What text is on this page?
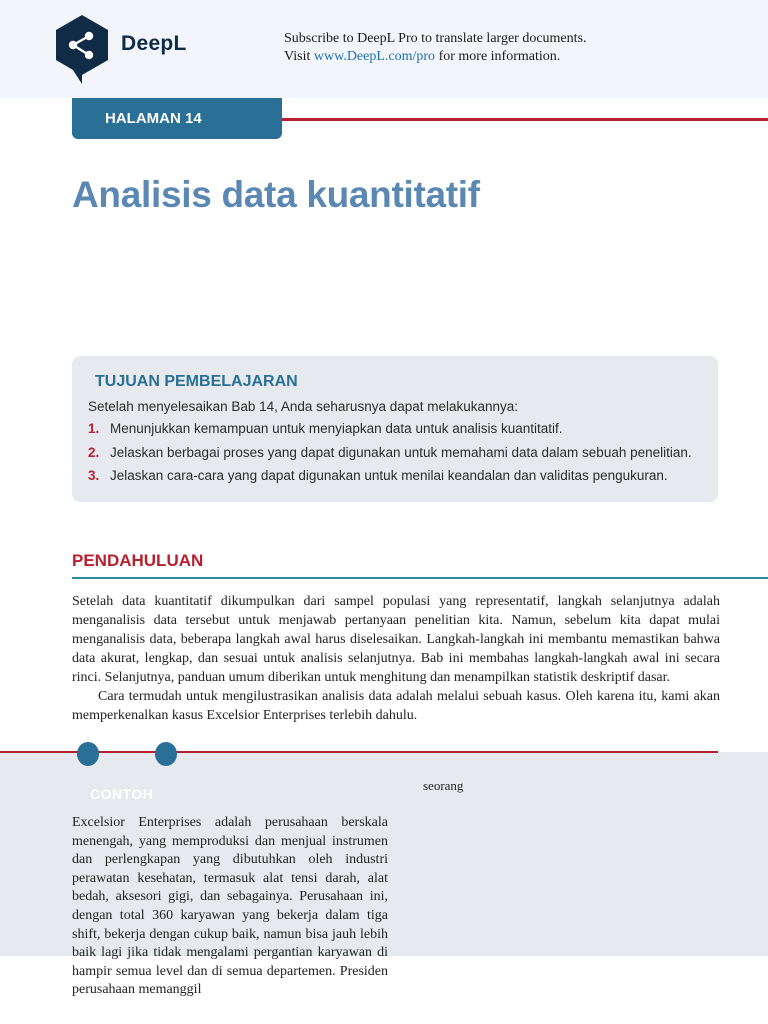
DeepL	Subscribe to DeepL Pro to translate larger documents.
Visit www.DeepL.com/pro for more information.
HALAMAN 14
Analisis data kuantitatif
TUJUAN PEMBELAJARAN

Setelah menyelesaikan Bab 14, Anda seharusnya dapat melakukannya:

1. Menunjukkan kemampuan untuk menyiapkan data untuk analisis kuantitatif.
2. Jelaskan berbagai proses yang dapat digunakan untuk memahami data dalam sebuah penelitian.
3. Jelaskan cara-cara yang dapat digunakan untuk menilai keandalan dan validitas pengukuran.
PENDAHULUAN

Setelah data kuantitatif dikumpulkan dari sampel populasi yang representatif, langkah selanjutnya adalah menganalisis data tersebut untuk menjawab pertanyaan penelitian kita. Namun, sebelum kita dapat mulai menganalisis data, beberapa langkah awal harus diselesaikan. Langkah-langkah ini membantu memastikan bahwa data akurat, lengkap, dan sesuai untuk analisis selanjutnya. Bab ini membahas langkah-langkah awal ini secara rinci. Selanjutnya, panduan umum diberikan untuk menghitung dan menampilkan statistik deskriptif dasar.

Cara termudah untuk mengilustrasikan analisis data adalah melalui sebuah kasus. Oleh karena itu, kami akan memperkenalkan kasus Excelsior Enterprises terlebih dahulu.

CONTOH

Excelsior Enterprises adalah perusahaan berskala menengah, yang memproduksi dan menjual instrumen dan perlengkapan yang dibutuhkan oleh industri perawatan kesehatan, termasuk alat tensi darah, alat bedah, aksesori gigi, dan sebagainya. Perusahaan ini, dengan total 360 karyawan yang bekerja dalam tiga shift, bekerja dengan cukup baik, namun bisa jauh lebih baik lagi jika tidak mengalami pergantian karyawan di hampir semua level dan di semua departemen. Presiden perusahaan memanggil

seorang
